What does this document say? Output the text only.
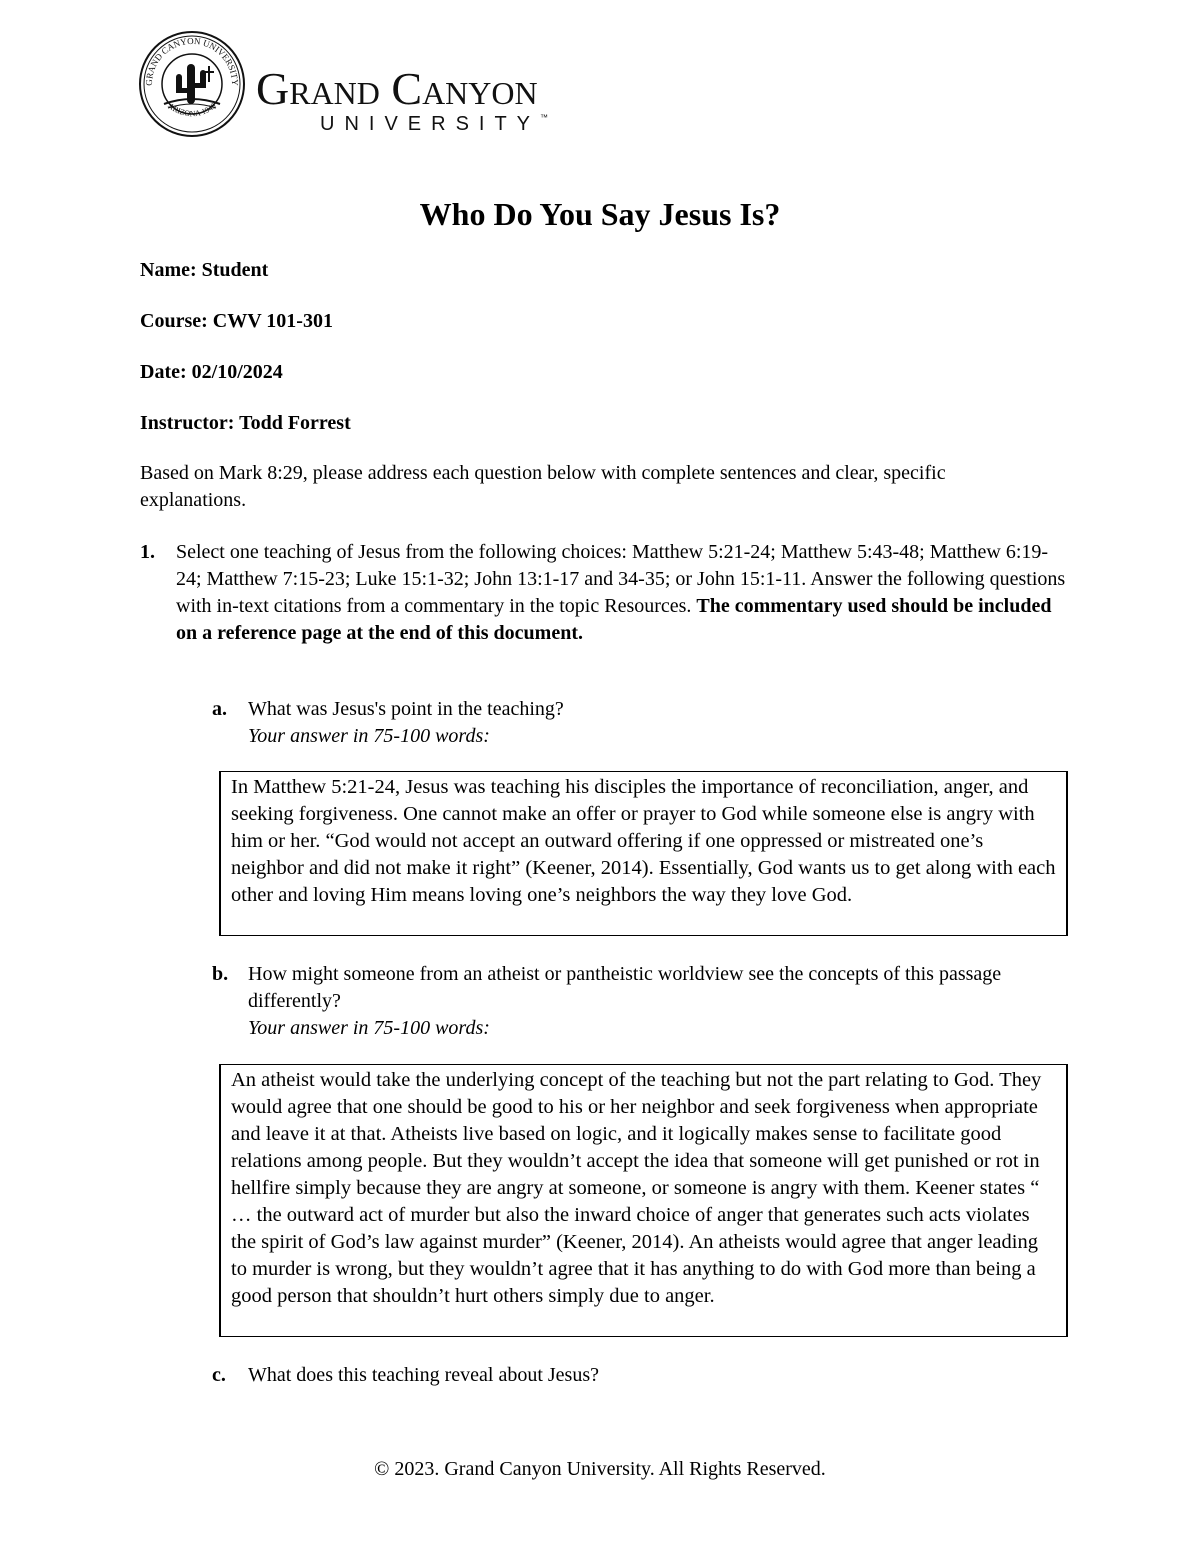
GRAND CANYON UNIVERSITY
ARIZONA 1949 Grand Canyon
UNIVERSITY™
Who Do You Say Jesus Is?
Name: Student
Course: CWV 101-301
Date: 02/10/2024
Instructor: Todd Forrest
Based on Mark 8:29, please address each question below with complete sentences and clear, specific explanations.
1. Select one teaching of Jesus from the following choices: Matthew 5:21-24; Matthew 5:43-48; Matthew 6:19-24; Matthew 7:15-23; Luke 15:1-32; John 13:1-17 and 34-35; or John 15:1-11. Answer the following questions with in-text citations from a commentary in the topic Resources. The commentary used should be included on a reference page at the end of this document.
a. What was Jesus's point in the teaching?
Your answer in 75-100 words:
In Matthew 5:21-24, Jesus was teaching his disciples the importance of reconciliation, anger, and seeking forgiveness. One cannot make an offer or prayer to God while someone else is angry with him or her. “God would not accept an outward offering if one oppressed or mistreated one’s neighbor and did not make it right” (Keener, 2014). Essentially, God wants us to get along with each other and loving Him means loving one’s neighbors the way they love God.
b. How might someone from an atheist or pantheistic worldview see the concepts of this passage differently?
Your answer in 75-100 words:
An atheist would take the underlying concept of the teaching but not the part relating to God. They would agree that one should be good to his or her neighbor and seek forgiveness when appropriate and leave it at that. Atheists live based on logic, and it logically makes sense to facilitate good relations among people. But they wouldn’t accept the idea that someone will get punished or rot in hellfire simply because they are angry at someone, or someone is angry with them. Keener states “ … the outward act of murder but also the inward choice of anger that generates such acts violates the spirit of God’s law against murder” (Keener, 2014). An atheists would agree that anger leading to murder is wrong, but they wouldn’t agree that it has anything to do with God more than being a good person that shouldn’t hurt others simply due to anger.
c. What does this teaching reveal about Jesus?
© 2023. Grand Canyon University. All Rights Reserved.
